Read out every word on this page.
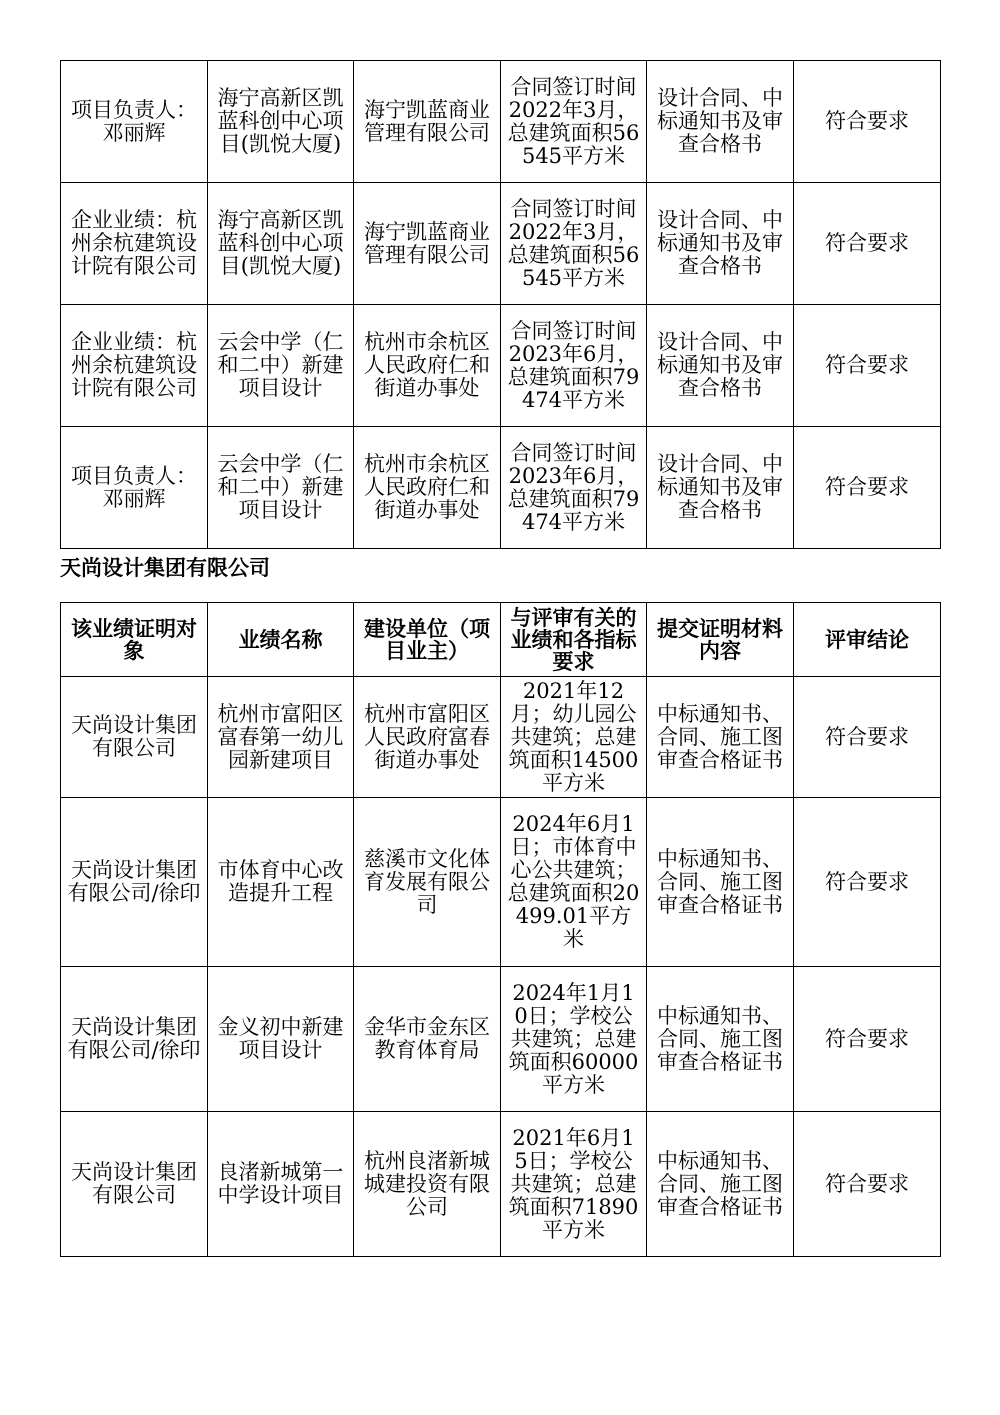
项目负责人：邓丽辉	海宁高新区凯蓝科创中心项目(凯悦大厦)	海宁凯蓝商业管理有限公司	合同签订时间2022年3月，总建筑面积56545平方米	设计合同、中标通知书及审查合格书	符合要求
企业业绩：杭州余杭建筑设计院有限公司	海宁高新区凯蓝科创中心项目(凯悦大厦)	海宁凯蓝商业管理有限公司	合同签订时间2022年3月，总建筑面积56545平方米	设计合同、中标通知书及审查合格书	符合要求
企业业绩：杭州余杭建筑设计院有限公司	云会中学（仁和二中）新建项目设计	杭州市余杭区人民政府仁和街道办事处	合同签订时间2023年6月，总建筑面积79474平方米	设计合同、中标通知书及审查合格书	符合要求
项目负责人：邓丽辉	云会中学（仁和二中）新建项目设计	杭州市余杭区人民政府仁和街道办事处	合同签订时间2023年6月，总建筑面积79474平方米	设计合同、中标通知书及审查合格书	符合要求
天尚设计集团有限公司
该业绩证明对象	业绩名称	建设单位（项目业主）	与评审有关的业绩和各指标要求	提交证明材料内容	评审结论
天尚设计集团有限公司	杭州市富阳区富春第一幼儿园新建项目	杭州市富阳区人民政府富春街道办事处	2021年12月；幼儿园公共建筑；总建筑面积14500平方米	中标通知书、合同、施工图审查合格证书	符合要求
天尚设计集团有限公司/徐印	市体育中心改造提升工程	慈溪市文化体育发展有限公司	2024年6月1日；市体育中心公共建筑；总建筑面积20499.01平方米	中标通知书、合同、施工图审查合格证书	符合要求
天尚设计集团有限公司/徐印	金义初中新建项目设计	金华市金东区教育体育局	2024年1月10日；学校公共建筑；总建筑面积60000平方米	中标通知书、合同、施工图审查合格证书	符合要求
天尚设计集团有限公司	良渚新城第一中学设计项目	杭州良渚新城城建投资有限公司	2021年6月15日；学校公共建筑；总建筑面积71890平方米	中标通知书、合同、施工图审查合格证书	符合要求
